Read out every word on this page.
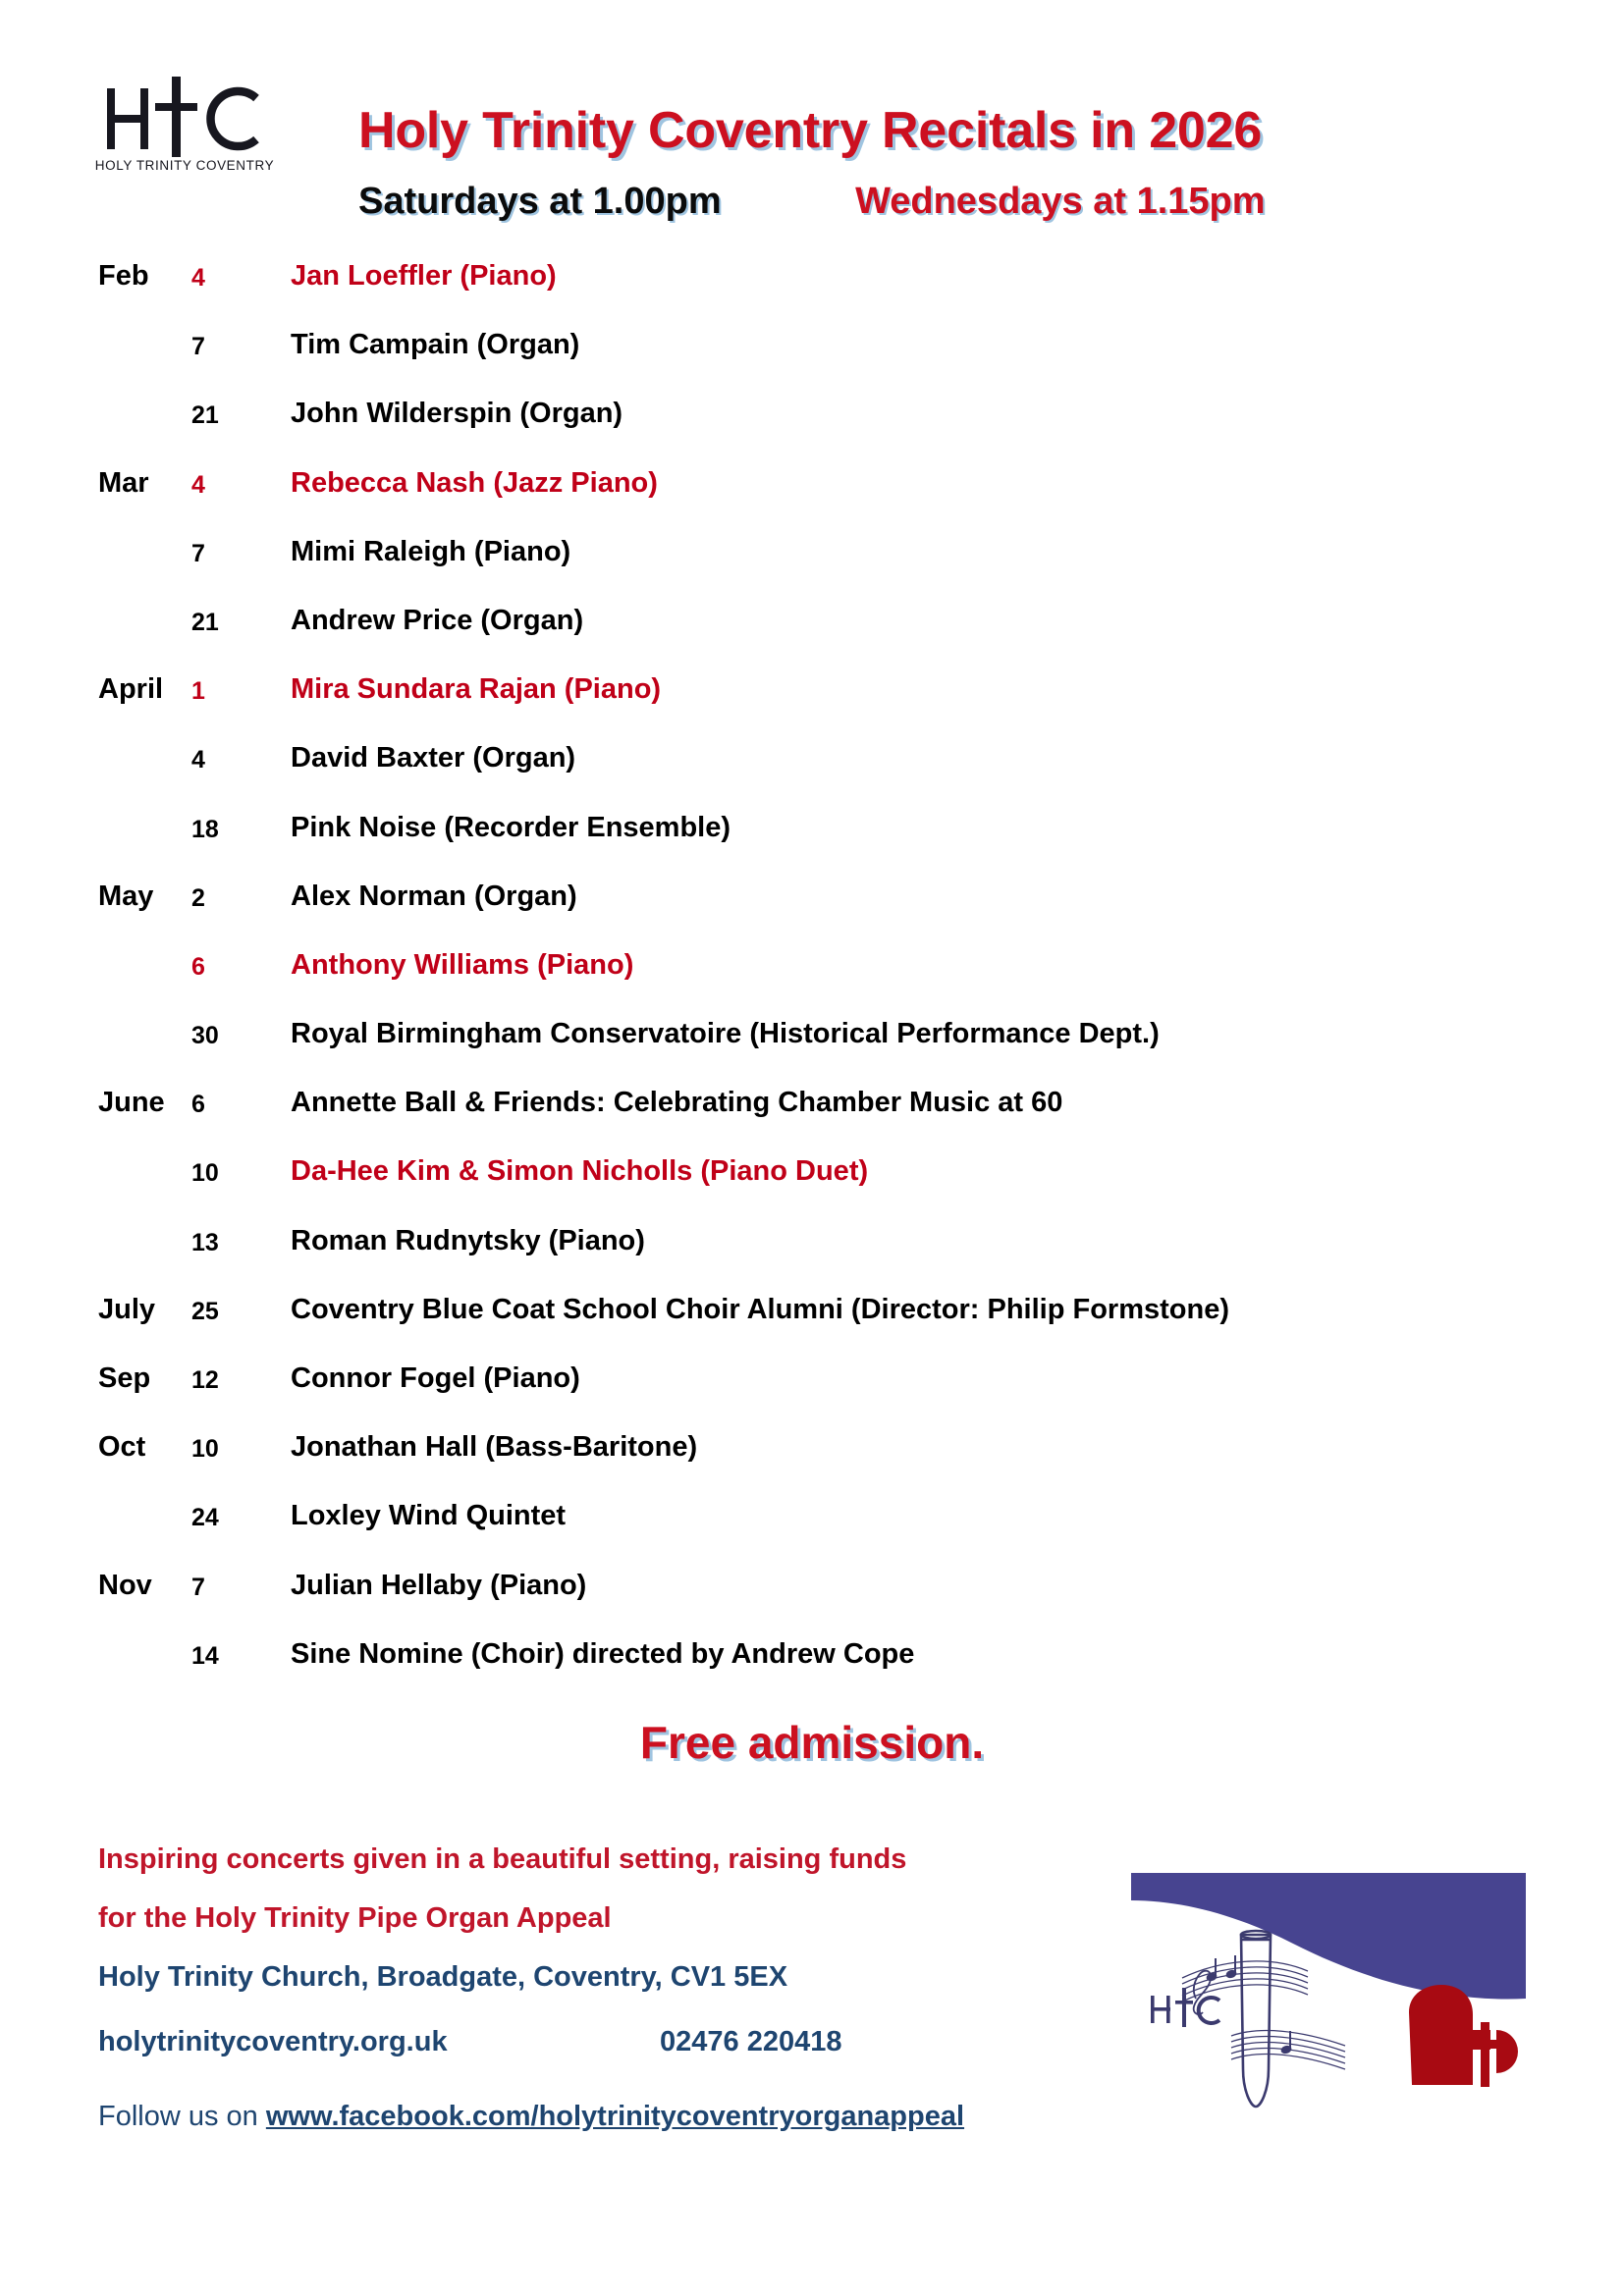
HOLY TRINITY COVENTRY
Holy Trinity Coventry Recitals in 2026
Saturdays at 1.00pm	Wednesdays at 1.15pm
Feb	4	Jan Loeffler (Piano)
7	Tim Campain (Organ)
21	John Wilderspin (Organ)
Mar	4	Rebecca Nash (Jazz Piano)
7	Mimi Raleigh (Piano)
21	Andrew Price (Organ)
April	1	Mira Sundara Rajan (Piano)
4	David Baxter (Organ)
18	Pink Noise (Recorder Ensemble)
May	2	Alex Norman (Organ)
6	Anthony Williams (Piano)
30	Royal Birmingham Conservatoire (Historical Performance Dept.)
June	6	Annette Ball & Friends: Celebrating Chamber Music at 60
10	Da-Hee Kim & Simon Nicholls (Piano Duet)
13	Roman Rudnytsky (Piano)
July	25	Coventry Blue Coat School Choir Alumni (Director: Philip Formstone)
Sep	12	Connor Fogel (Piano)
Oct	10	Jonathan Hall (Bass-Baritone)
24	Loxley Wind Quintet
Nov	7	Julian Hellaby (Piano)
14	Sine Nomine (Choir) directed by Andrew Cope
Free admission.
Inspiring concerts given in a beautiful setting, raising funds
for the Holy Trinity Pipe Organ Appeal
Holy Trinity Church, Broadgate, Coventry, CV1 5EX
holytrinitycoventry.org.uk	02476 220418
Follow us on www.facebook.com/holytrinitycoventryorganappeal
